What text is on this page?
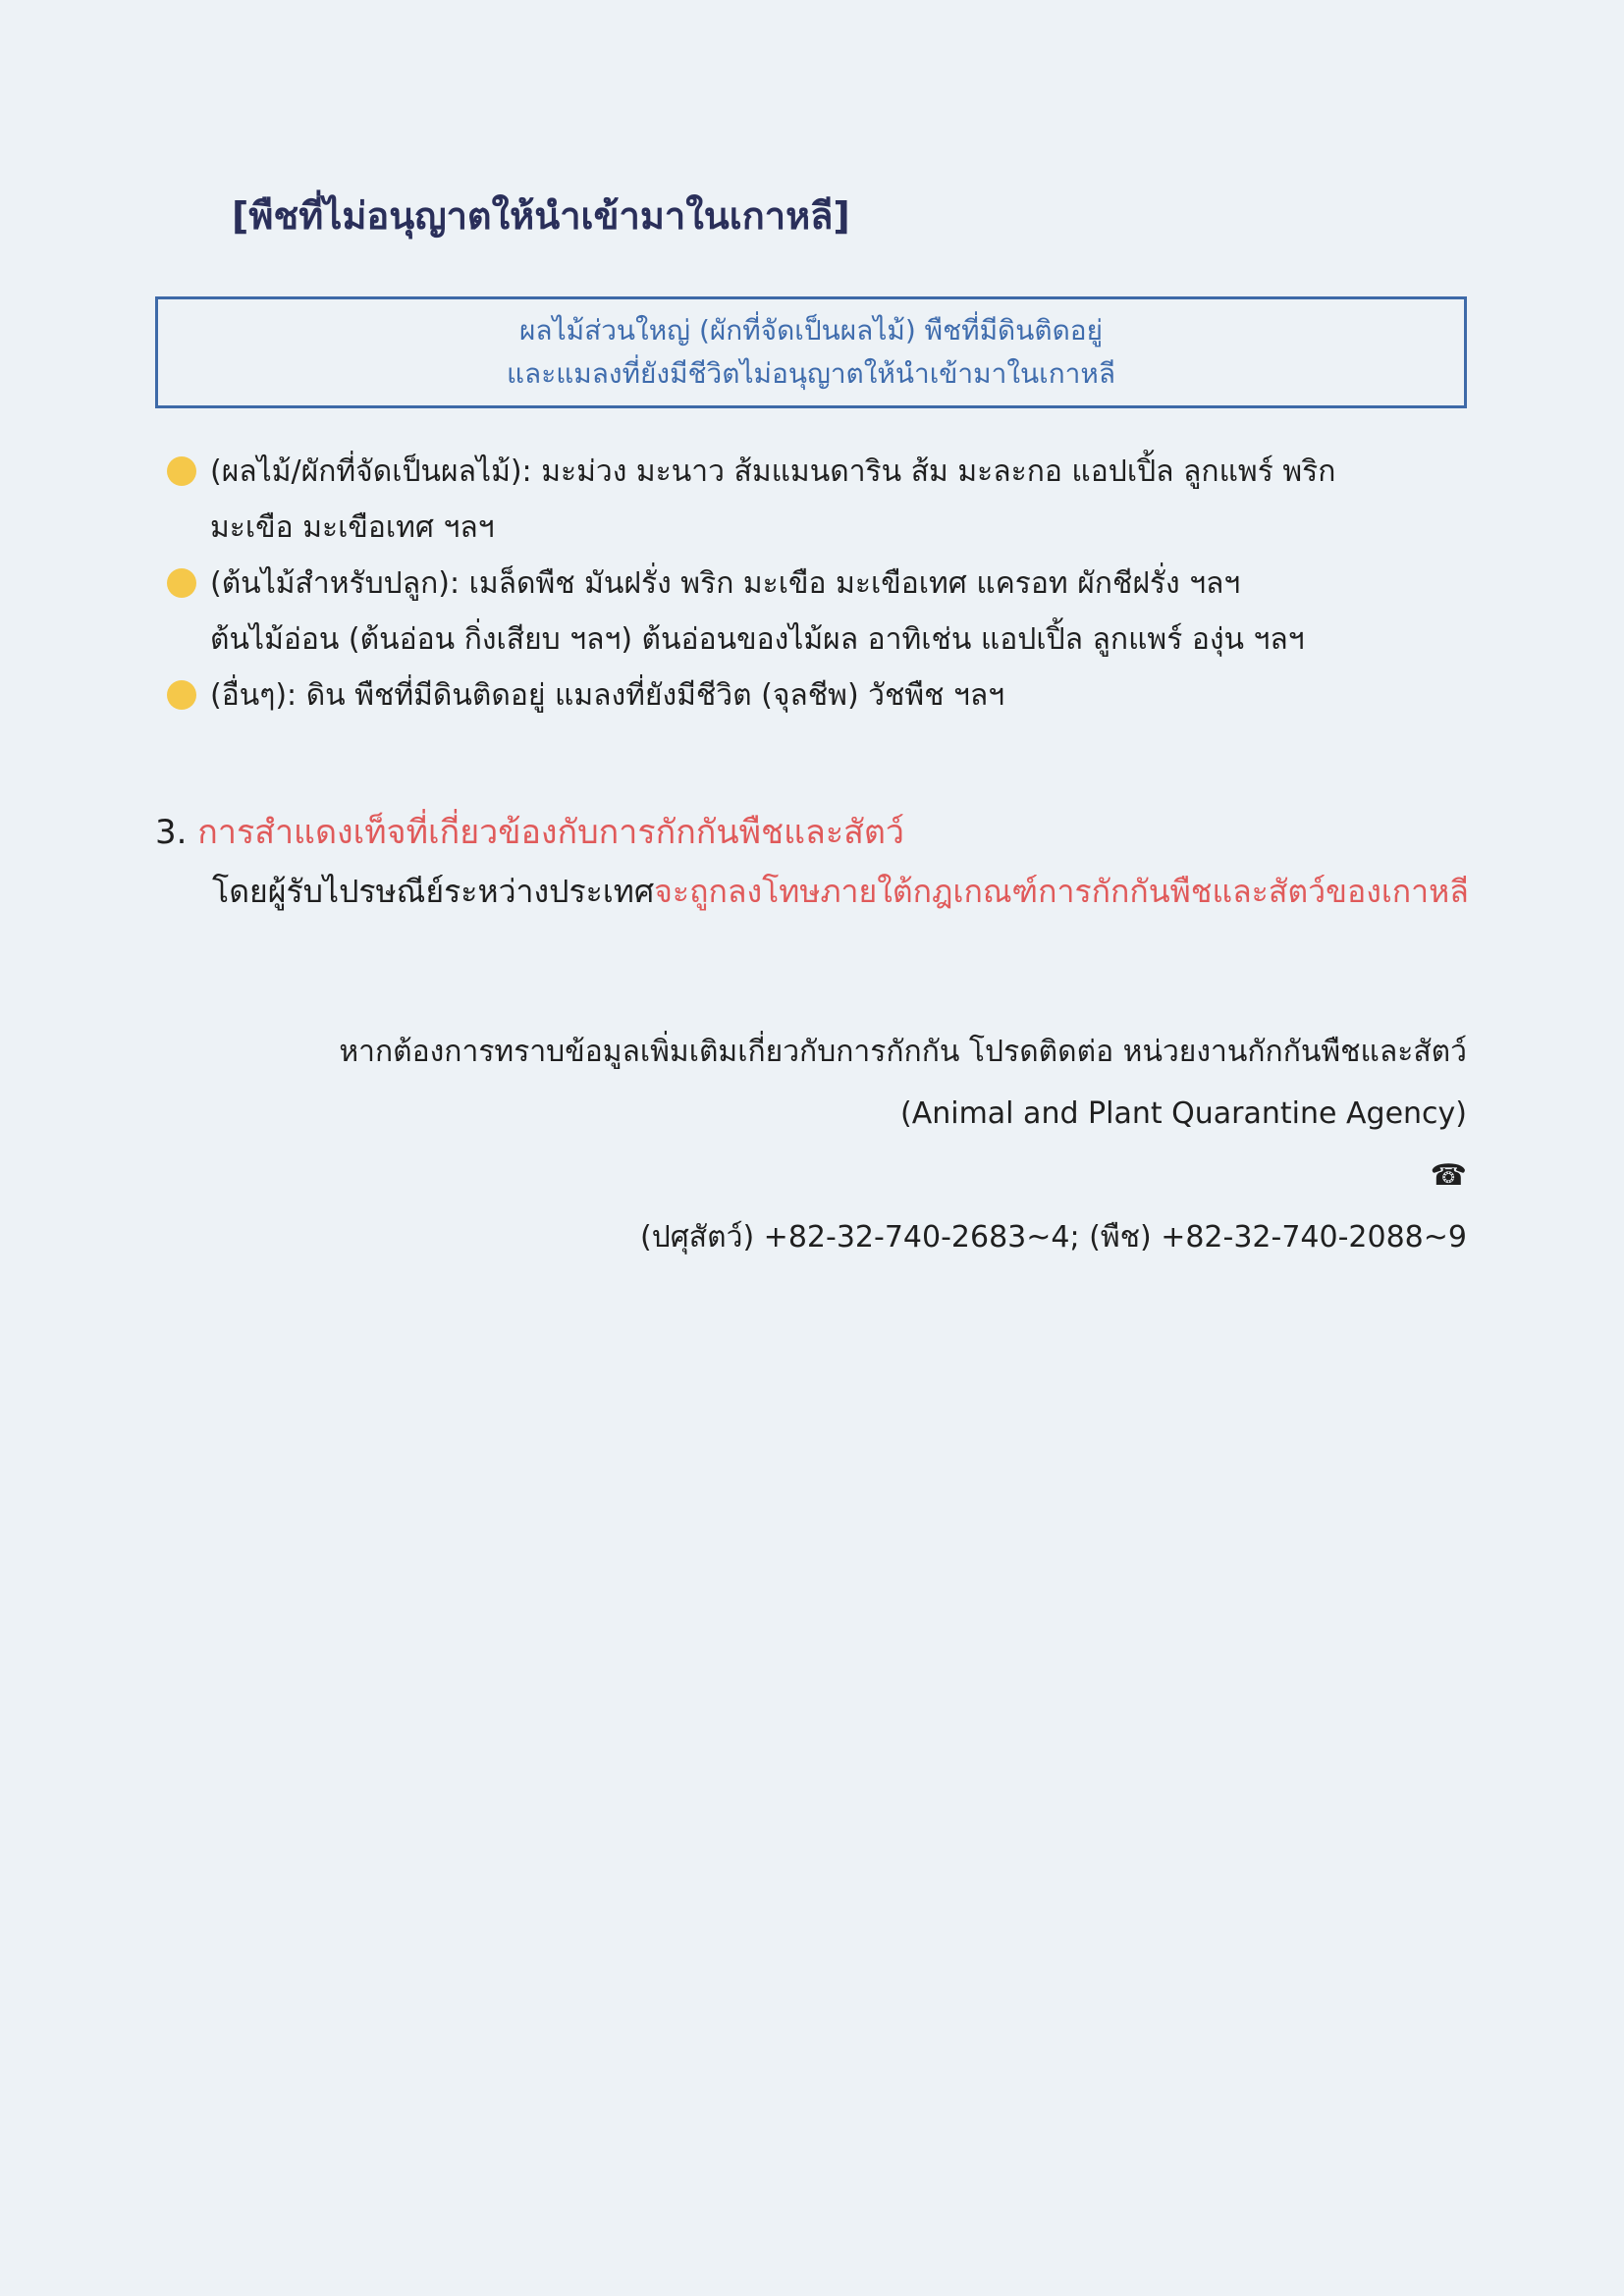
[พืชที่ไม่อนุญาตให้นำเข้ามาในเกาหลี]
ผลไม้ส่วนใหญ่ (ผักที่จัดเป็นผลไม้) พืชที่มีดินติดอยู่
และแมลงที่ยังมีชีวิตไม่อนุญาตให้นำเข้ามาในเกาหลี
(ผลไม้/ผักที่จัดเป็นผลไม้): มะม่วง มะนาว ส้มแมนดาริน ส้ม มะละกอ แอปเปิ้ล ลูกแพร์ พริก
มะเขือ มะเขือเทศ ฯลฯ
(ต้นไม้สำหรับปลูก): เมล็ดพืช มันฝรั่ง พริก มะเขือ มะเขือเทศ แครอท ผักชีฝรั่ง ฯลฯ
ต้นไม้อ่อน (ต้นอ่อน กิ่งเสียบ ฯลฯ) ต้นอ่อนของไม้ผล อาทิเช่น แอปเปิ้ล ลูกแพร์ องุ่น ฯลฯ
(อื่นๆ): ดิน พืชที่มีดินติดอยู่ แมลงที่ยังมีชีวิต (จุลชีพ) วัชพืช ฯลฯ
3. การสำแดงเท็จที่เกี่ยวข้องกับการกักกันพืชและสัตว์
โดยผู้รับไปรษณีย์ระหว่างประเทศจะถูกลงโทษภายใต้กฎเกณฑ์การกักกันพืชและสัตว์ของเกาหลี
หากต้องการทราบข้อมูลเพิ่มเติมเกี่ยวกับการกักกัน โปรดติดต่อ หน่วยงานกักกันพืชและสัตว์
(Animal and Plant Quarantine Agency)
☎
(ปศุสัตว์) +82-32-740-2683~4; (พืช) +82-32-740-2088~9
